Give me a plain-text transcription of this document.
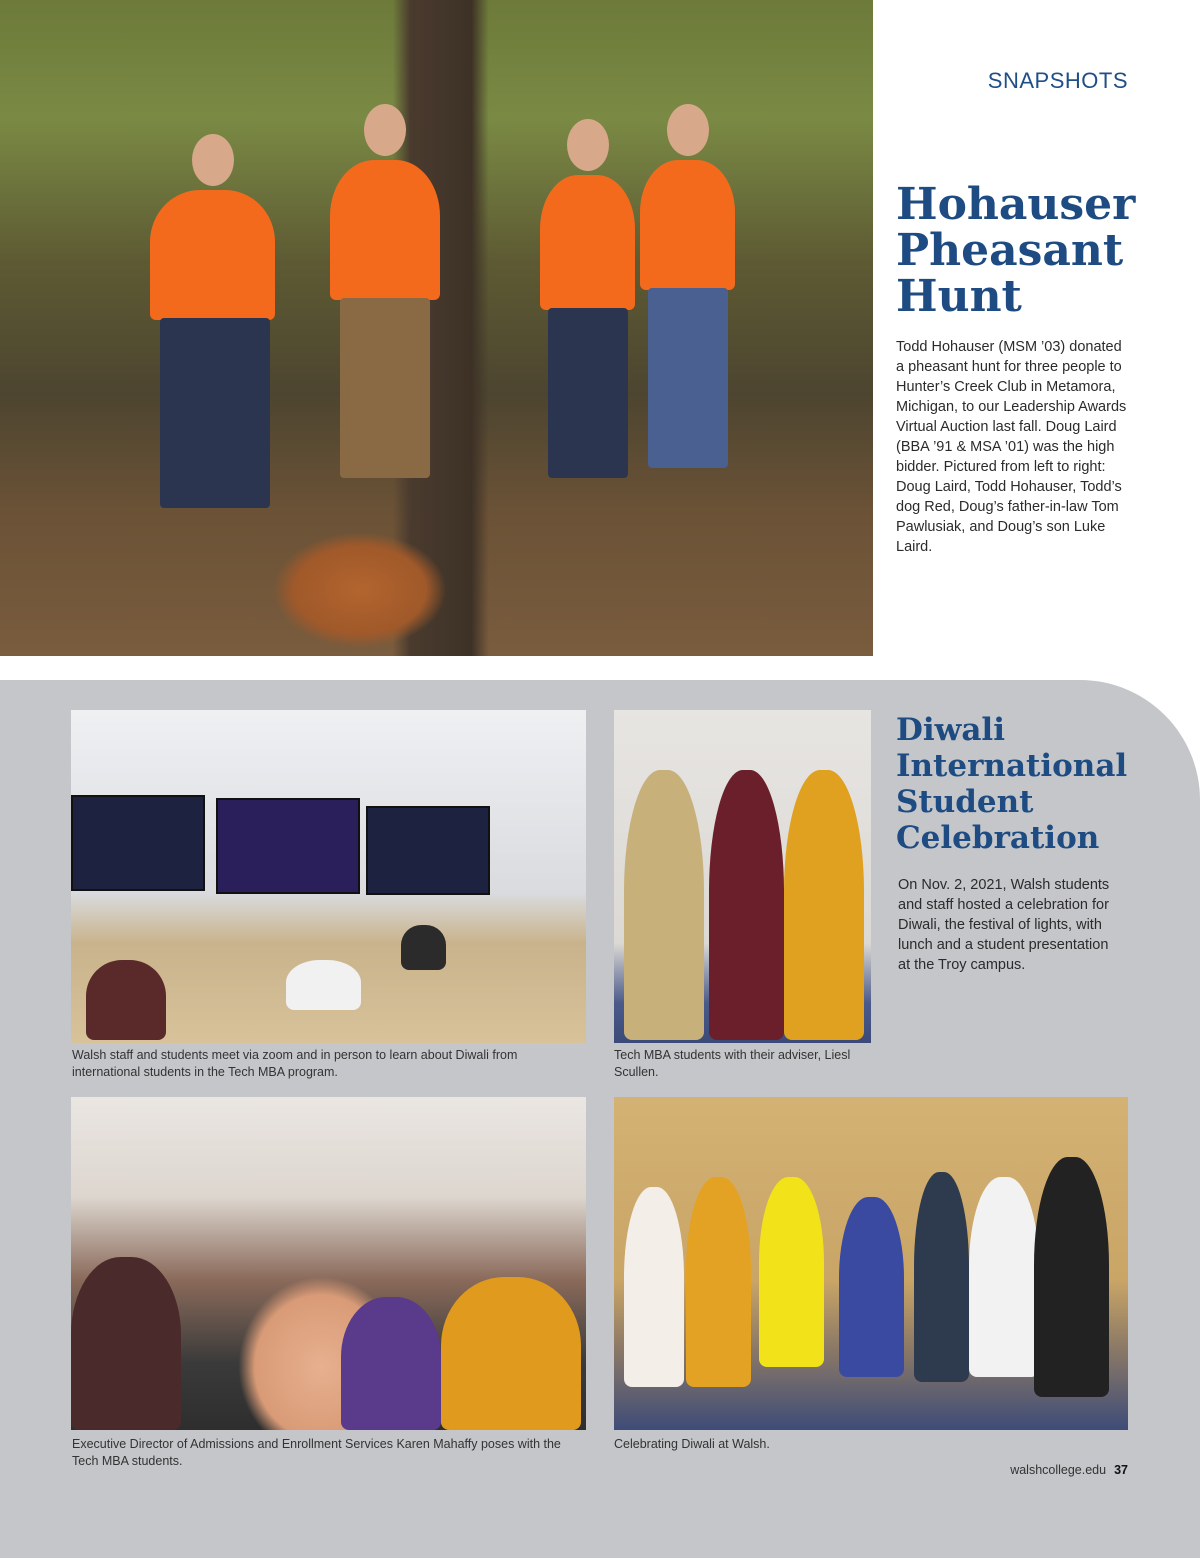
SNAPSHOTS
Hohauser Pheasant Hunt

Todd Hohauser (MSM ’03) donated a pheasant hunt for three people to Hunter’s Creek Club in Metamora, Michigan, to our Leadership Awards Virtual Auction last fall. Doug Laird (BBA ’91 & MSA ’01) was the high bidder. Pictured from left to right: Doug Laird, Todd Hohauser, Todd’s dog Red, Doug’s father-in-law Tom Pawlusiak, and Doug’s son Luke Laird.

Diwali International Student Celebration

On Nov. 2, 2021, Walsh students and staff hosted a celebration for Diwali, the festival of lights, with lunch and a student presentation at the Troy campus.

Walsh staff and students meet via zoom and in person to learn about Diwali from international students in the Tech MBA program.

Tech MBA students with their adviser, Liesl Scullen.

Executive Director of Admissions and Enrollment Services Karen Mahaffy poses with the Tech MBA students.

Celebrating Diwali at Walsh.

walshcollege.edu 37
